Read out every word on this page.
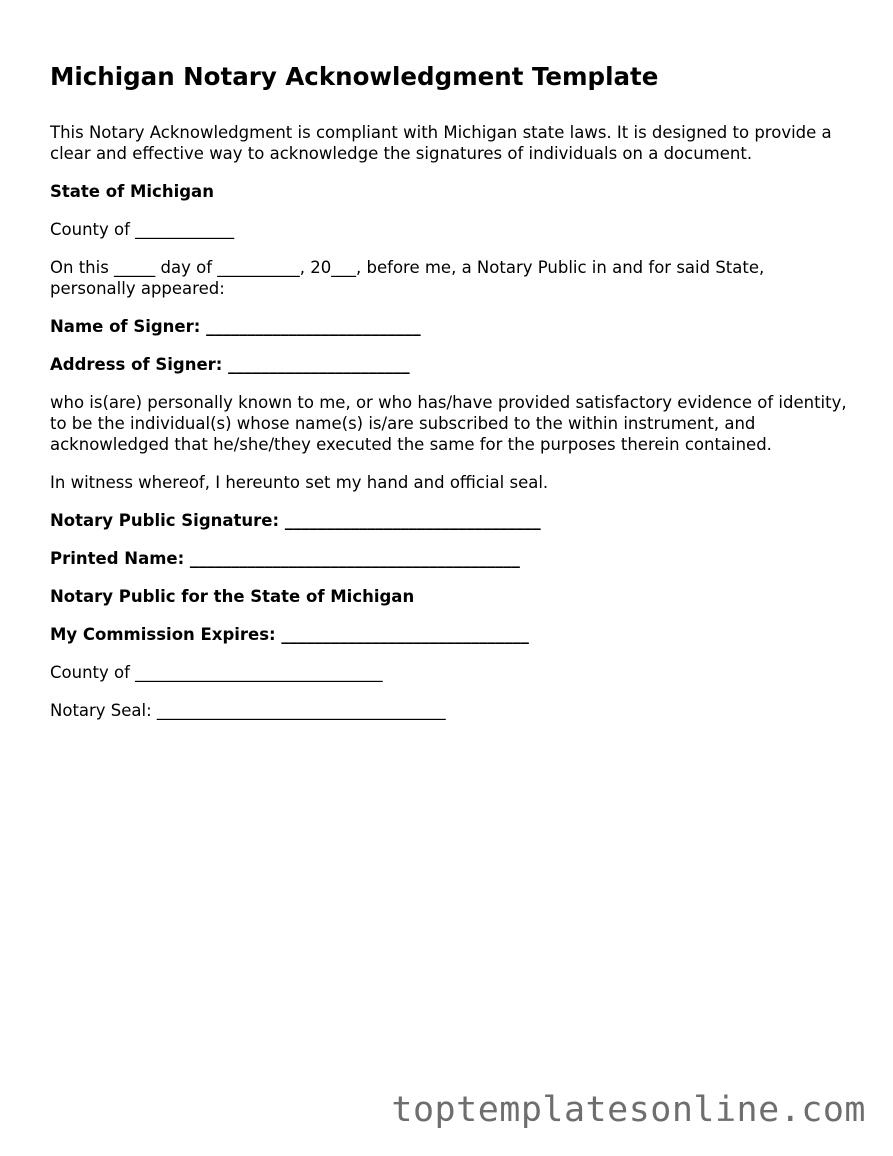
Michigan Notary Acknowledgment Template

This Notary Acknowledgment is compliant with Michigan state laws. It is designed to provide a clear and effective way to acknowledge the signatures of individuals on a document.

State of Michigan

County of ____________

On this _____ day of __________, 20___, before me, a Notary Public in and for said State, personally appeared:

Name of Signer: __________________________

Address of Signer: ______________________

who is(are) personally known to me, or who has/have provided satisfactory evidence of identity, to be the individual(s) whose name(s) is/are subscribed to the within instrument, and acknowledged that he/she/they executed the same for the purposes therein contained.

In witness whereof, I hereunto set my hand and official seal.

Notary Public Signature: _______________________________

Printed Name: ________________________________________

Notary Public for the State of Michigan

My Commission Expires: ______________________________

County of ______________________________

Notary Seal: ___________________________________

toptemplatesonline.com
